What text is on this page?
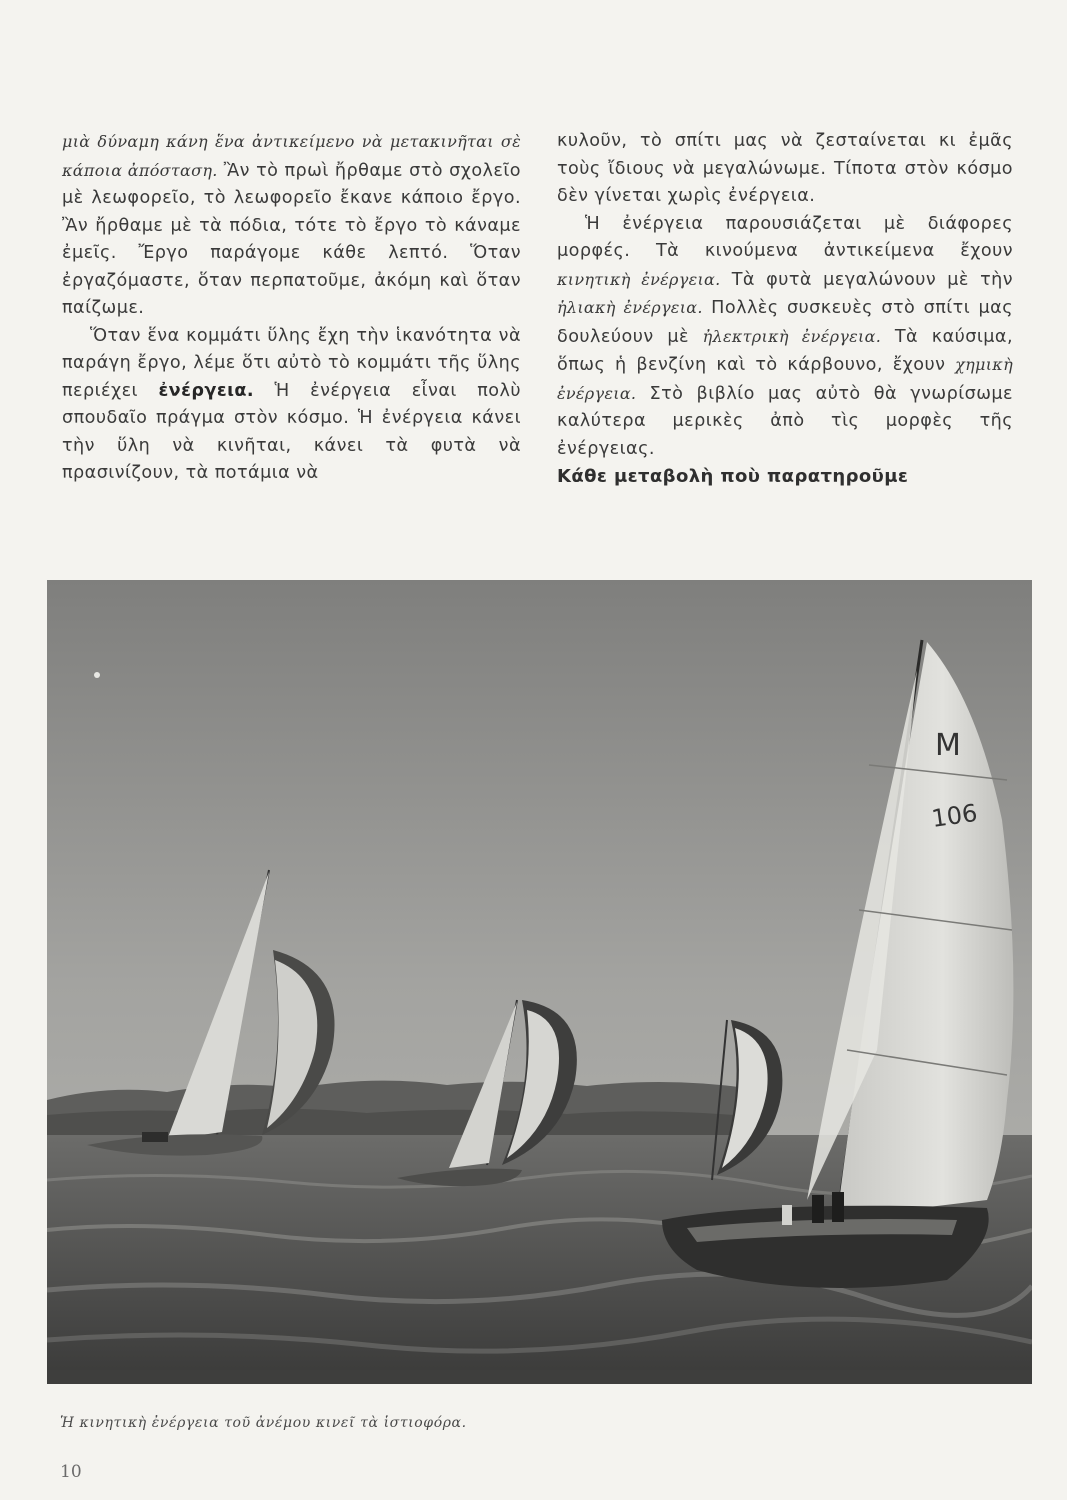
μιὰ δύναμη κάνη ἕνα ἀντικείμενο νὰ μετακινῆται σὲ κάποια ἀπόσταση. Ἂν τὸ πρωὶ ἤρθαμε στὸ σχολεῖο μὲ λεωφορεῖο, τὸ λεωφορεῖο ἔκανε κάποιο ἔργο. Ἂν ἤρθαμε μὲ τὰ πόδια, τότε τὸ ἔργο τὸ κάναμε ἐμεῖς. Ἔργο παράγομε κάθε λεπτό. Ὅταν ἐργαζόμαστε, ὅταν περπατοῦμε, ἀκόμη καὶ ὅταν παίζωμε.

Ὅταν ἕνα κομμάτι ὕλης ἔχη τὴν ἱκανότητα νὰ παράγη ἔργο, λέμε ὅτι αὐτὸ τὸ κομμάτι τῆς ὕλης περιέχει ἐνέργεια. Ἡ ἐνέργεια εἶναι πολὺ σπουδαῖο πράγμα στὸν κόσμο. Ἡ ἐνέργεια κάνει τὴν ὕλη νὰ κινῆται, κάνει τὰ φυτὰ νὰ πρασινίζουν, τὰ ποτάμια νὰ

κυλοῦν, τὸ σπίτι μας νὰ ζεσταίνεται κι ἐμᾶς τοὺς ἴδιους νὰ μεγαλώνωμε. Τίποτα στὸν κόσμο δὲν γίνεται χωρὶς ἐνέργεια.

Ἡ ἐνέργεια παρουσιάζεται μὲ διάφορες μορφές. Τὰ κινούμενα ἀντικείμενα ἔχουν κινητικὴ ἐνέργεια. Τὰ φυτὰ μεγαλώνουν μὲ τὴν ἡλιακὴ ἐνέργεια. Πολλὲς συσκευὲς στὸ σπίτι μας δουλεύουν μὲ ἠλεκτρικὴ ἐνέργεια. Τὰ καύσιμα, ὅπως ἡ βενζίνη καὶ τὸ κάρβουνο, ἔχουν χημικὴ ἐνέργεια. Στὸ βιβλίο μας αὐτὸ θὰ γνωρίσωμε καλύτερα μερικὲς ἀπὸ τὶς μορφὲς τῆς ἐνέργειας.

Κάθε μεταβολὴ ποὺ παρατηροῦμε

M
106
Ἡ κινητικὴ ἐνέργεια τοῦ ἀνέμου κινεῖ τὰ ἱστιοφόρα.
10
